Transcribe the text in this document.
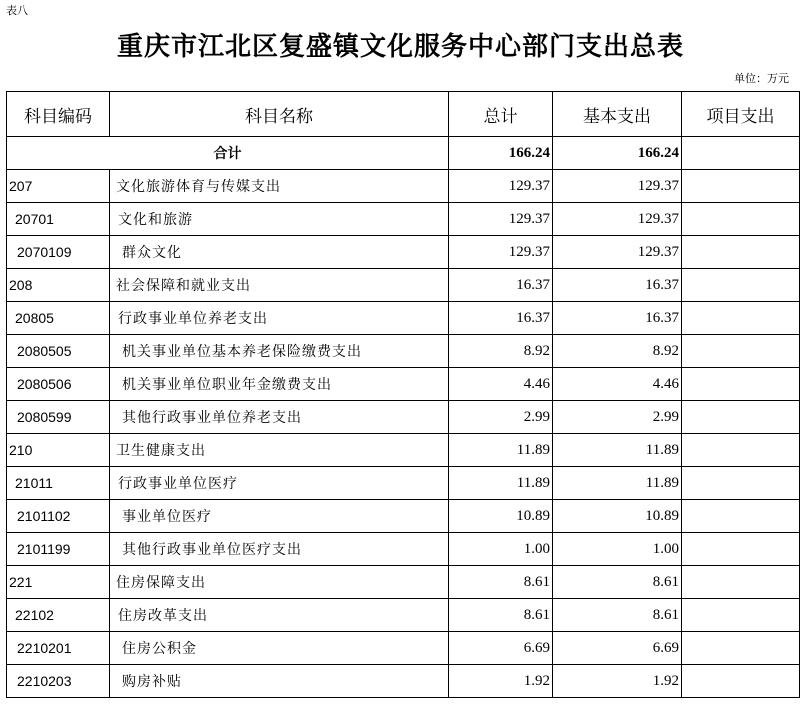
表八
重庆市江北区复盛镇文化服务中心部门支出总表
单位：万元
科目编码	科目名称	总计	基本支出	项目支出
合计		166.24	166.24	
207	文化旅游体育与传媒支出	129.37	129.37	
20701	文化和旅游	129.37	129.37	
2070109	群众文化	129.37	129.37	
208	社会保障和就业支出	16.37	16.37	
20805	行政事业单位养老支出	16.37	16.37	
2080505	机关事业单位基本养老保险缴费支出	8.92	8.92	
2080506	机关事业单位职业年金缴费支出	4.46	4.46	
2080599	其他行政事业单位养老支出	2.99	2.99	
210	卫生健康支出	11.89	11.89	
21011	行政事业单位医疗	11.89	11.89	
2101102	事业单位医疗	10.89	10.89	
2101199	其他行政事业单位医疗支出	1.00	1.00	
221	住房保障支出	8.61	8.61	
22102	住房改革支出	8.61	8.61	
2210201	住房公积金	6.69	6.69	
2210203	购房补贴	1.92	1.92	
